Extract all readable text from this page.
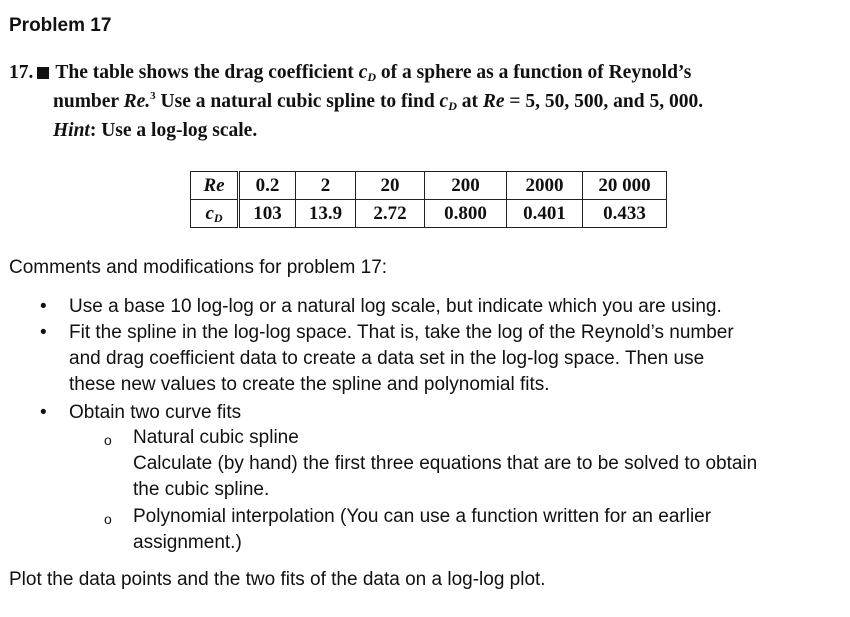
Problem 17
17. The table shows the drag coefficient $c_D$ of a sphere as a function of Reynold’s
number Re.$^3$ Use a natural cubic spline to find $c_D$ at Re = 5, 50, 500, and 5, 000.
Hint: Use a log-log scale.
Re	0.2	2	20	200	2000	20 000
$c_D$	103	13.9	2.72	0.800	0.401	0.433
Comments and modifications for problem 17:
• Use a base 10 log-log or a natural log scale, but indicate which you are using.
• Fit the spline in the log-log space. That is, take the log of the Reynold’s number
and drag coefficient data to create a data set in the log-log space. Then use
these new values to create the spline and polynomial fits.
• Obtain two curve fits
o Natural cubic spline
Calculate (by hand) the first three equations that are to be solved to obtain
the cubic spline.
o Polynomial interpolation (You can use a function written for an earlier
assignment.)
Plot the data points and the two fits of the data on a log-log plot.
